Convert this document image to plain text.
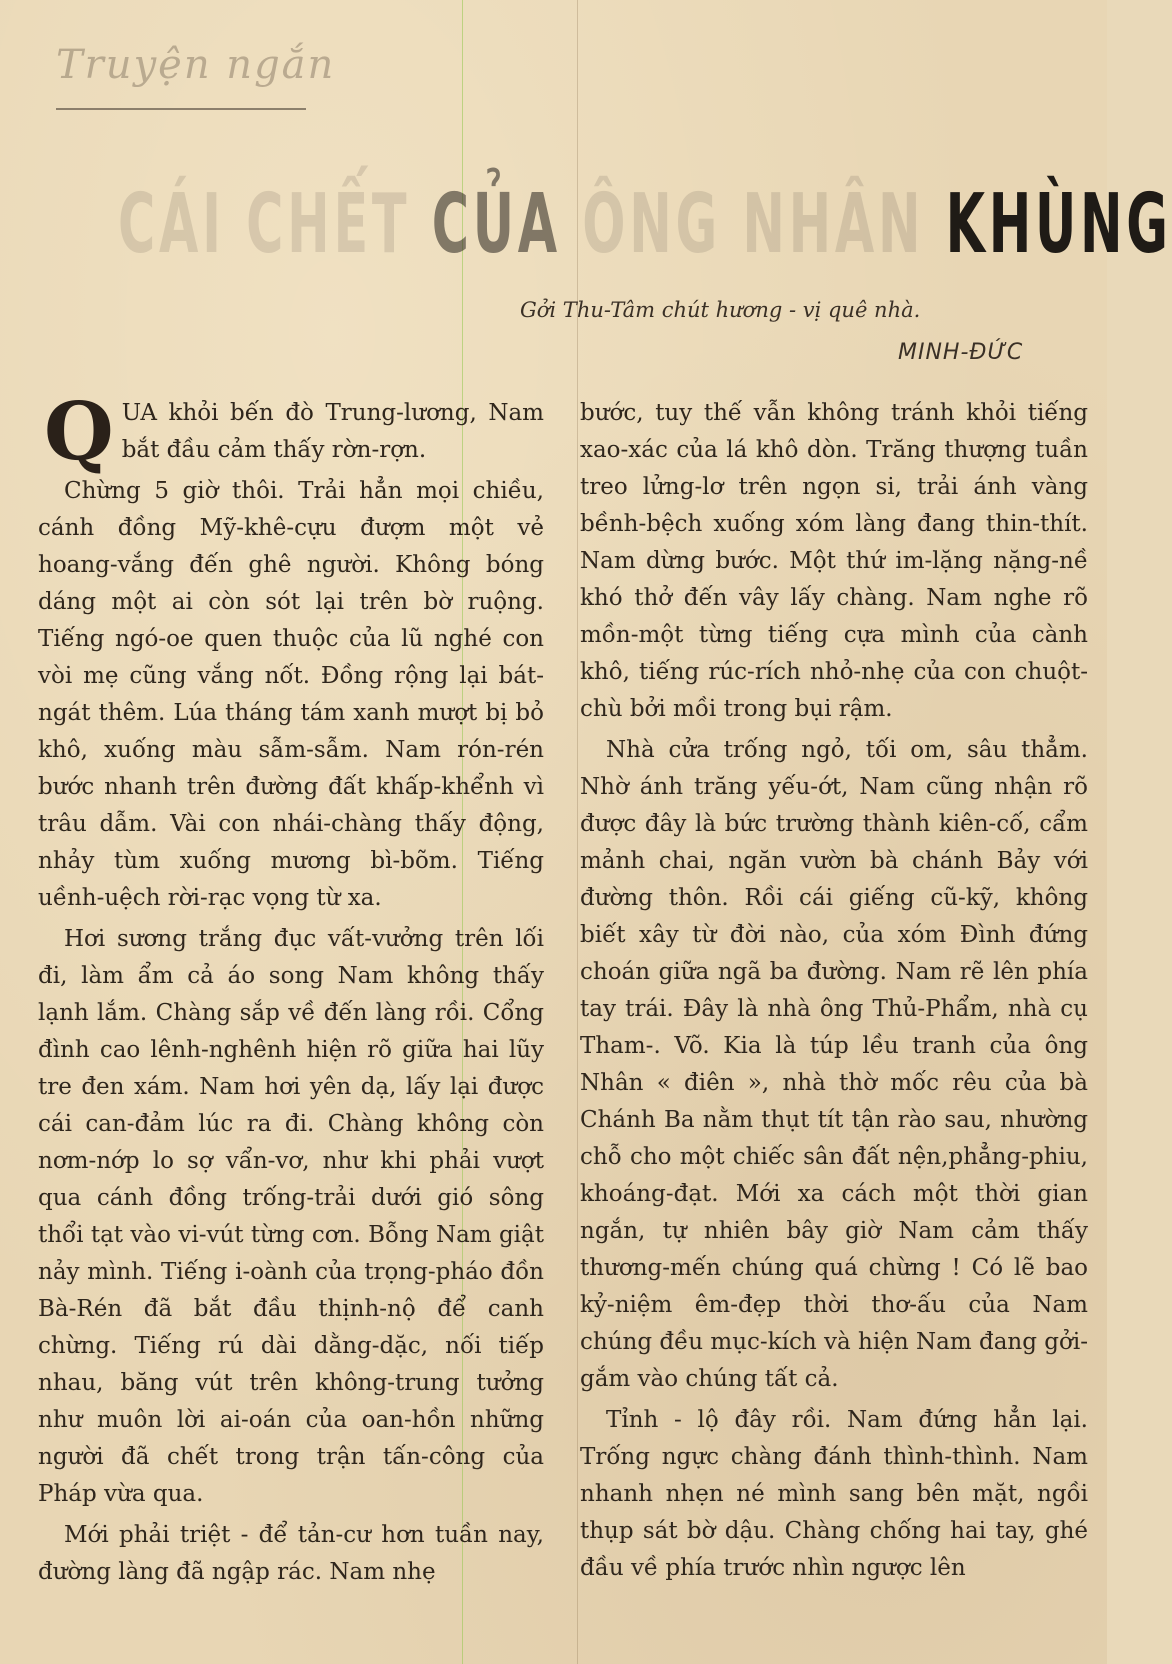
Truyện ngắn
CÁI CHẾT CỦA ÔNG NHÂN KHÙNG
Gởi Thu-Tâm chút hương - vị quê nhà.
MINH-ĐỨC

QUA khỏi bến đò Trung-lương, Nam bắt đầu cảm thấy rờn-rợn.

Chừng 5 giờ thôi. Trải hẳn mọi chiều, cánh đồng Mỹ-khê-cựu đượm một vẻ hoang-vắng đến ghê người. Không bóng dáng một ai còn sót lại trên bờ ruộng. Tiếng ngó-oe quen thuộc của lũ nghé con vòi mẹ cũng vắng nốt. Đồng rộng lại bát-ngát thêm. Lúa tháng tám xanh mượt bị bỏ khô, xuống màu sẫm-sẫm. Nam rón-rén bước nhanh trên đường đất khấp-khểnh vì trâu dẫm. Vài con nhái-chàng thấy động, nhảy tùm xuống mương bì-bõm. Tiếng uềnh-uệch rời-rạc vọng từ xa.

Hơi sương trắng đục vất-vưởng trên lối đi, làm ẩm cả áo song Nam không thấy lạnh lắm. Chàng sắp về đến làng rồi. Cổng đình cao lênh-nghênh hiện rõ giữa hai lũy tre đen xám. Nam hơi yên dạ, lấy lại được cái can-đảm lúc ra đi. Chàng không còn nơm-nớp lo sợ vẩn-vơ, như khi phải vượt qua cánh đồng trống-trải dưới gió sông thổi tạt vào vi-vút từng cơn. Bỗng Nam giật nảy mình. Tiếng i-oành của trọng-pháo đồn Bà-Rén đã bắt đầu thịnh-nộ để canh chừng. Tiếng rú dài dằng-dặc, nối tiếp nhau, băng vút trên không-trung tưởng như muôn lời ai-oán của oan-hồn những người đã chết trong trận tấn-công của Pháp vừa qua.

Mới phải triệt - để tản-cư hơn tuần nay, đường làng đã ngập rác. Nam nhẹ

bước, tuy thế vẫn không tránh khỏi tiếng xao-xác của lá khô dòn. Trăng thượng tuần treo lửng-lơ trên ngọn si, trải ánh vàng bềnh-bệch xuống xóm làng đang thin-thít. Nam dừng bước. Một thứ im-lặng nặng-nề khó thở đến vây lấy chàng. Nam nghe rõ mồn-một từng tiếng cựa mình của cành khô, tiếng rúc-rích nhỏ-nhẹ của con chuột-chù bởi mồi trong bụi rậm.

Nhà cửa trống ngỏ, tối om, sâu thẳm. Nhờ ánh trăng yếu-ớt, Nam cũng nhận rõ được đây là bức trường thành kiên-cố, cẩm mảnh chai, ngăn vườn bà chánh Bảy với đường thôn. Rồi cái giếng cũ-kỹ, không biết xây từ đời nào, của xóm Đình đứng choán giữa ngã ba đường. Nam rẽ lên phía tay trái. Đây là nhà ông Thủ-Phẩm, nhà cụ Tham-. Võ. Kia là túp lều tranh của ông Nhân « điên », nhà thờ mốc rêu của bà Chánh Ba nằm thụt tít tận rào sau, nhường chỗ cho một chiếc sân đất nện,phẳng-phiu, khoáng-đạt. Mới xa cách một thời gian ngắn, tự nhiên bây giờ Nam cảm thấy thương-mến chúng quá chừng ! Có lẽ bao kỷ-niệm êm-đẹp thời thơ-ấu của Nam chúng đều mục-kích và hiện Nam đang gởi-gắm vào chúng tất cả.

Tỉnh - lộ đây rồi. Nam đứng hẳn lại. Trống ngực chàng đánh thình-thình. Nam nhanh nhẹn né mình sang bên mặt, ngồi thụp sát bờ dậu. Chàng chống hai tay, ghé đầu về phía trước nhìn ngược lên
